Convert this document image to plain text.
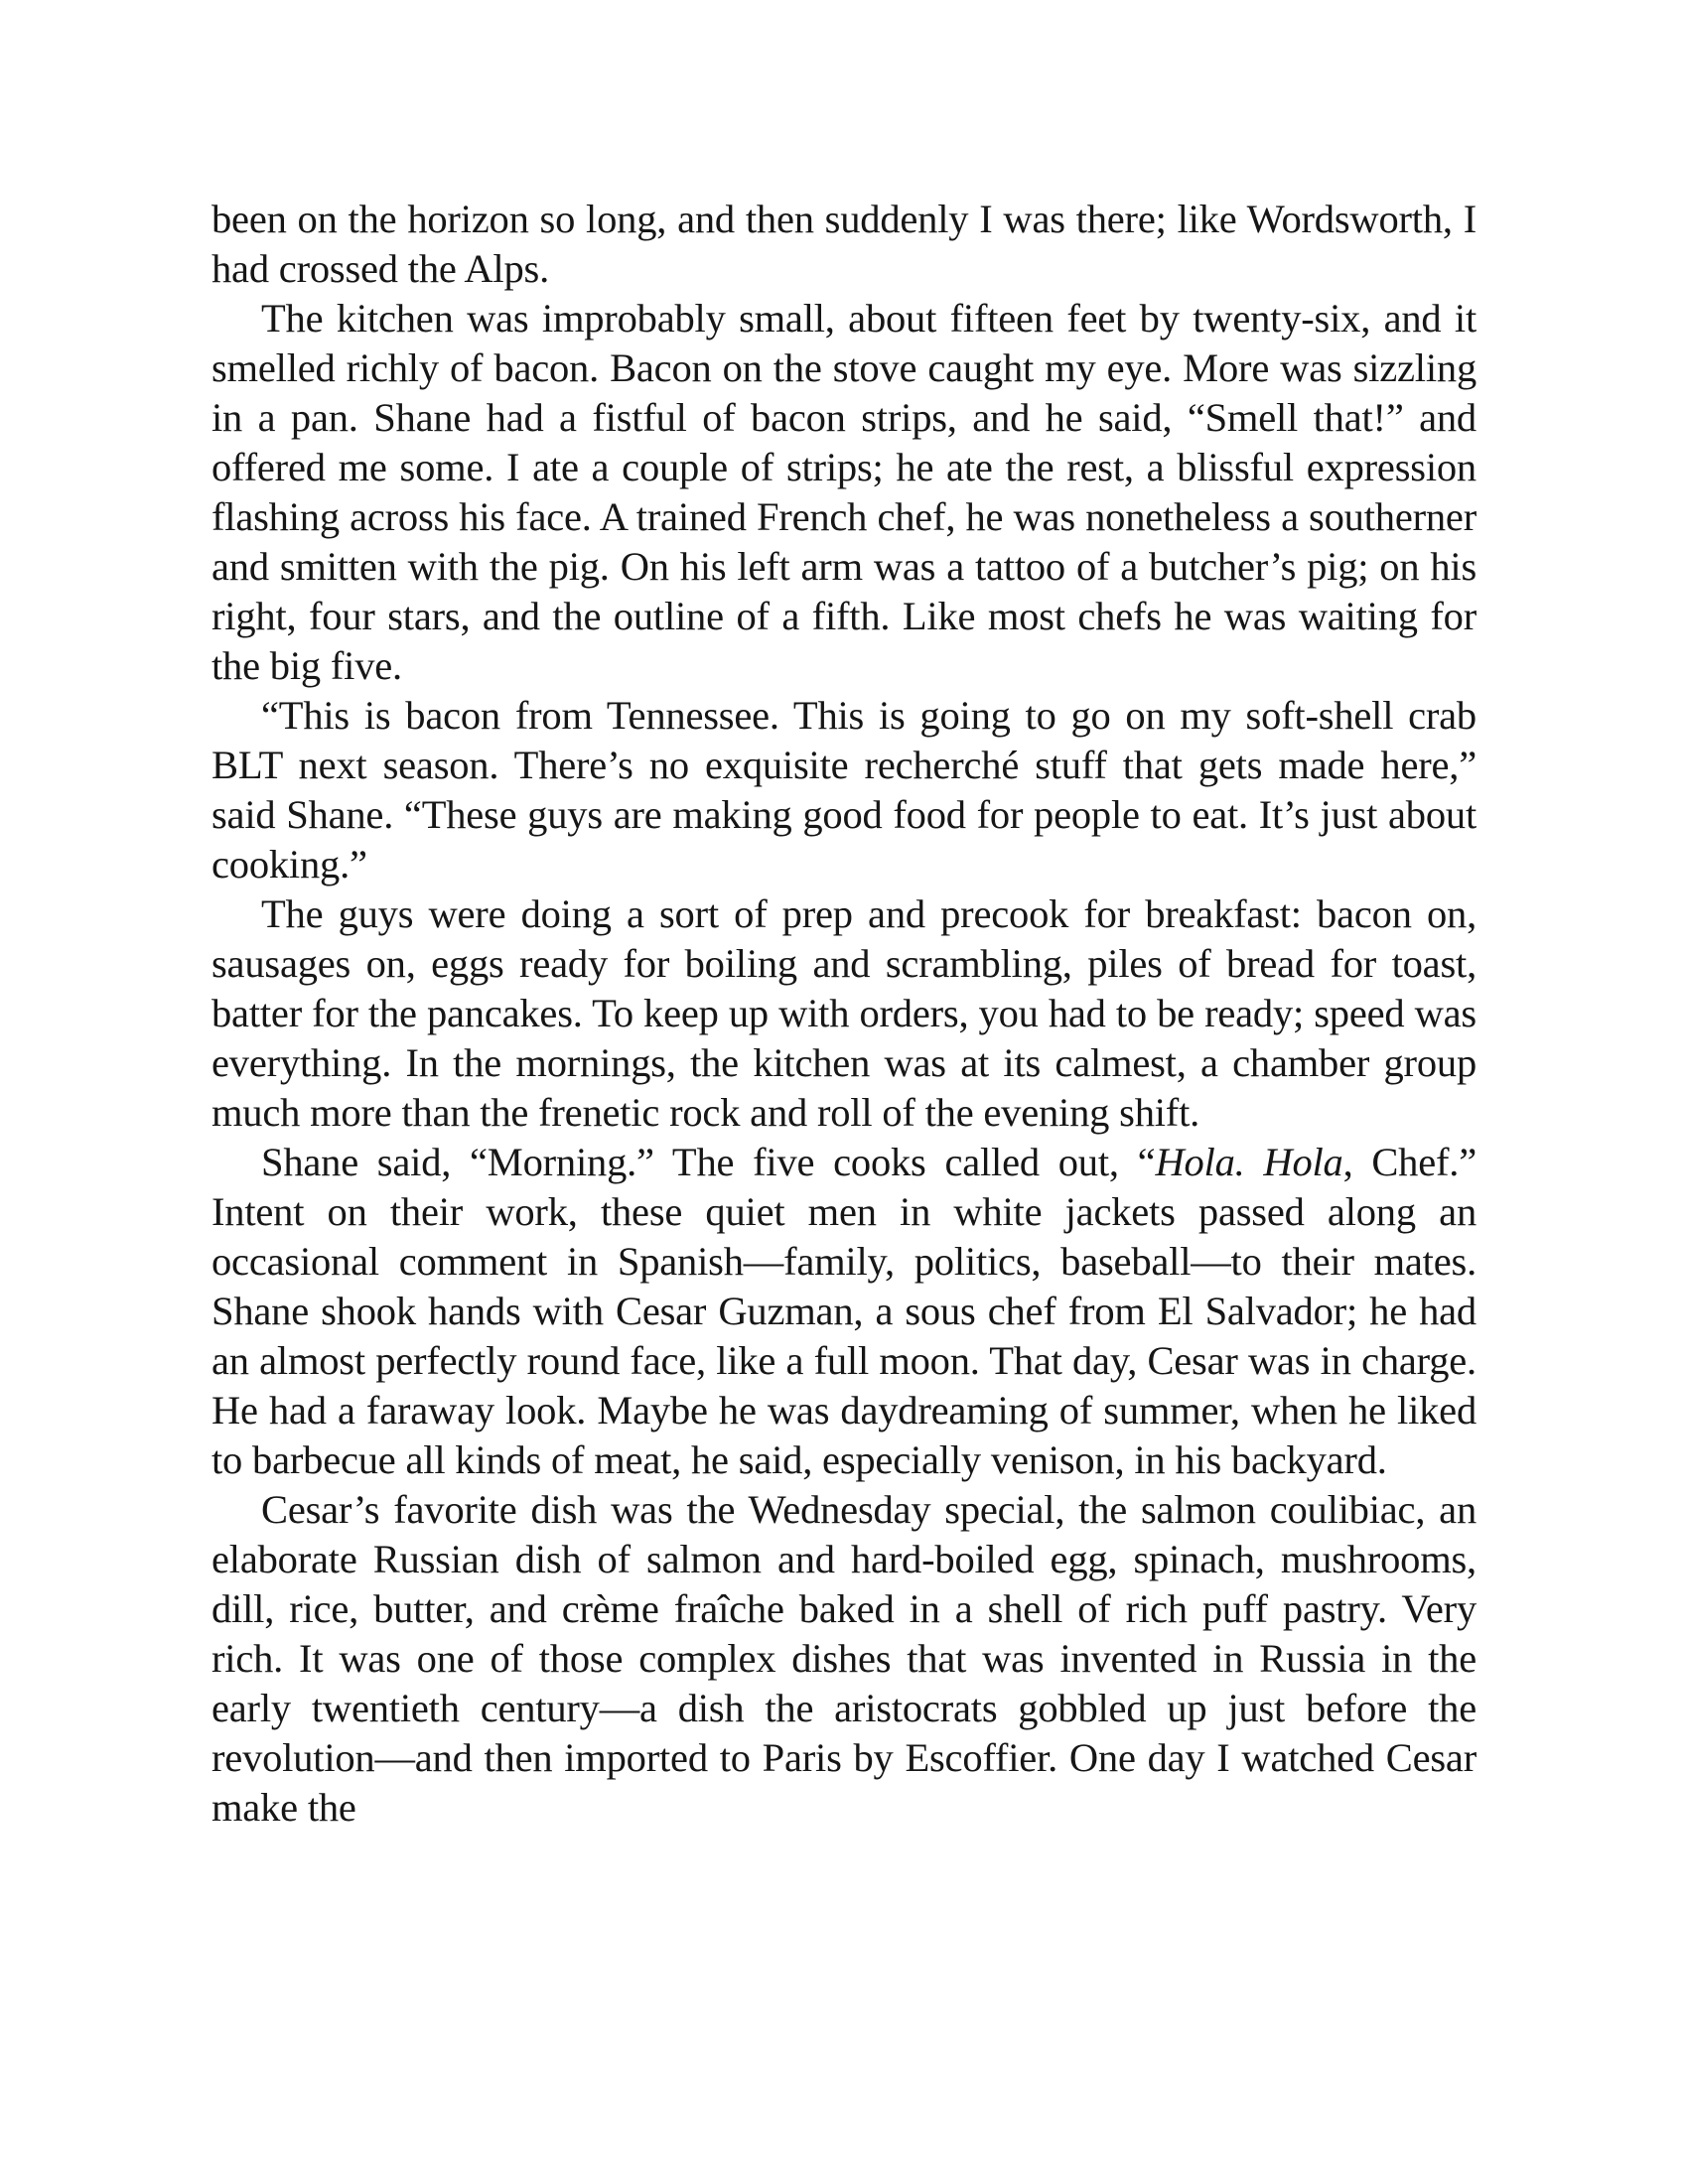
been on the horizon so long, and then suddenly I was there; like Wordsworth, I had crossed the Alps.

The kitchen was improbably small, about fifteen feet by twenty-six, and it smelled richly of bacon. Bacon on the stove caught my eye. More was sizzling in a pan. Shane had a fistful of bacon strips, and he said, “Smell that!” and offered me some. I ate a couple of strips; he ate the rest, a blissful expression flashing across his face. A trained French chef, he was nonetheless a southerner and smitten with the pig. On his left arm was a tattoo of a butcher’s pig; on his right, four stars, and the outline of a fifth. Like most chefs he was waiting for the big five.

“This is bacon from Tennessee. This is going to go on my soft-shell crab BLT next season. There’s no exquisite recherché stuff that gets made here,” said Shane. “These guys are making good food for people to eat. It’s just about cooking.”

The guys were doing a sort of prep and precook for breakfast: bacon on, sausages on, eggs ready for boiling and scrambling, piles of bread for toast, batter for the pancakes. To keep up with orders, you had to be ready; speed was everything. In the mornings, the kitchen was at its calmest, a chamber group much more than the frenetic rock and roll of the evening shift.

Shane said, “Morning.” The five cooks called out, “Hola. Hola, Chef.” Intent on their work, these quiet men in white jackets passed along an occasional comment in Spanish—family, politics, baseball—to their mates. Shane shook hands with Cesar Guzman, a sous chef from El Salvador; he had an almost perfectly round face, like a full moon. That day, Cesar was in charge. He had a faraway look. Maybe he was daydreaming of summer, when he liked to barbecue all kinds of meat, he said, especially venison, in his backyard.

Cesar’s favorite dish was the Wednesday special, the salmon coulibiac, an elaborate Russian dish of salmon and hard-boiled egg, spinach, mushrooms, dill, rice, butter, and crème fraîche baked in a shell of rich puff pastry. Very rich. It was one of those complex dishes that was invented in Russia in the early twentieth century—a dish the aristocrats gobbled up just before the revolution—and then imported to Paris by Escoffier. One day I watched Cesar make the
